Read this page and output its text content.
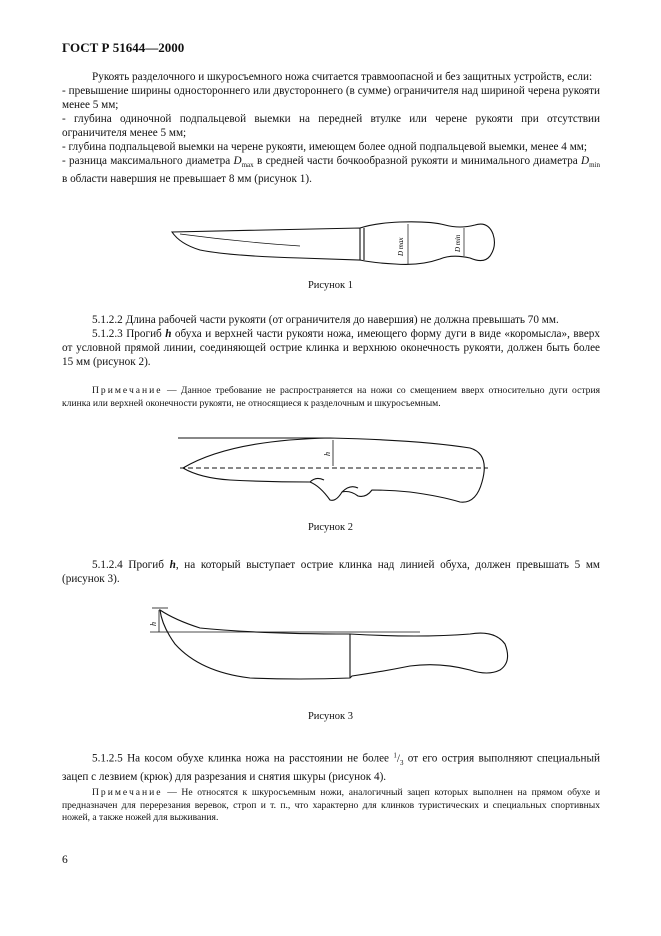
ГОСТ Р 51644—2000

Рукоять разделочного и шкуросъемного ножа считается травмоопасной и без защитных устройств, если:

- превышение ширины одностороннего или двустороннего (в сумме) ограничителя над шириной черена рукояти менее 5 мм;

- глубина одиночной подпальцевой выемки на передней втулке или черене рукояти при отсутствии ограничителя менее 5 мм;

- глубина подпальцевой выемки на черене рукояти, имеющем более одной подпальцевой выемки, менее 4 мм;

- разница максимального диаметра $D_{max}$ в средней части бочкообразной рукояти и минимального диаметра $D_{min}$ в области навершия не превышает 8 мм (рисунок 1).

D max	D min
Рисунок 1

5.1.2.2 Длина рабочей части рукояти (от ограничителя до навершия) не должна превышать 70 мм.

5.1.2.3 Прогиб h обуха и верхней части рукояти ножа, имеющего форму дуги в виде «коромысла», вверх от условной прямой линии, соединяющей острие клинка и верхнюю оконечность рукояти, должен быть более 15 мм (рисунок 2).

Примечание — Данное требование не распространяется на ножи со смещением вверх относительно дуги острия клинка или верхней оконечности рукояти, не относящиеся к разделочным и шкуросъемным.

h
Рисунок 2

5.1.2.4 Прогиб h, на который выступает острие клинка над линией обуха, должен превышать 5 мм (рисунок 3).

h
Рисунок 3

5.1.2.5 На косом обухе клинка ножа на расстоянии не более $^1/_3$ от его острия выполняют специальный зацеп с лезвием (крюк) для разрезания и снятия шкуры (рисунок 4).

Примечание — Не относятся к шкуросъемным ножи, аналогичный зацеп которых выполнен на прямом обухе и предназначен для перерезания веревок, строп и т. п., что характерно для клинков туристических и специальных спортивных ножей, а также ножей для выживания.

6
